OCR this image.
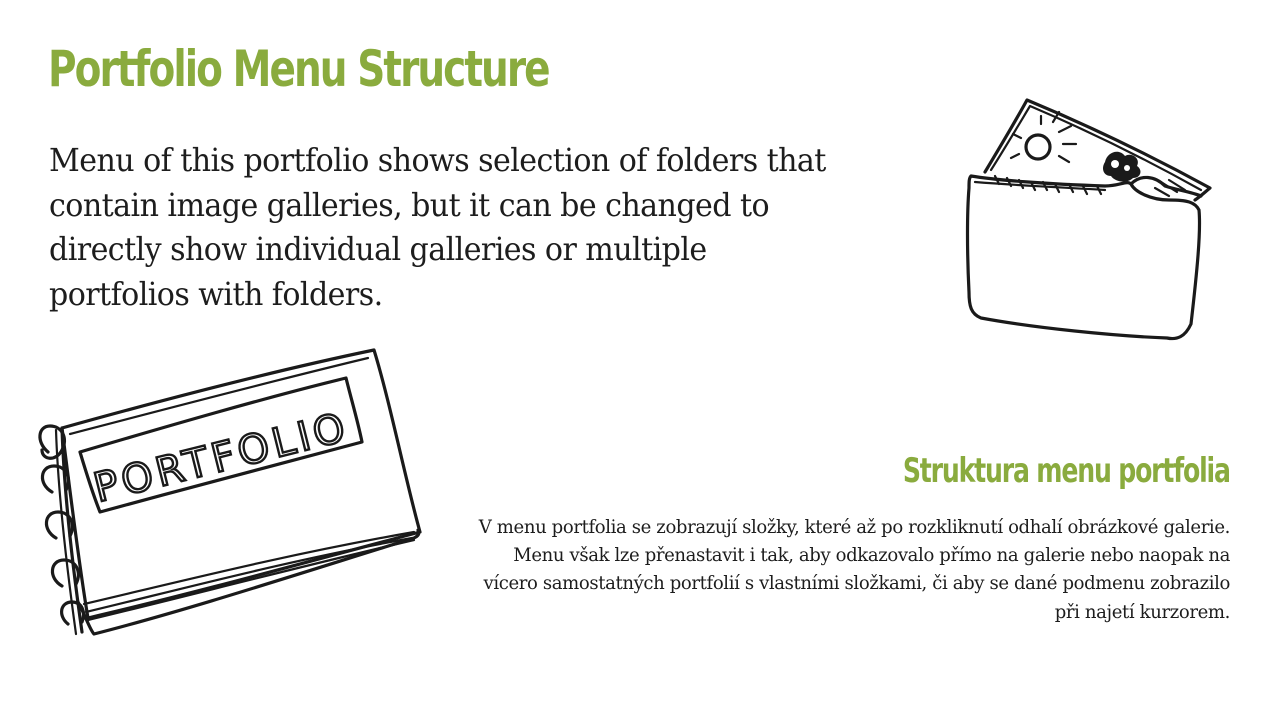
Portfolio Menu Structure

Menu of this portfolio shows selection of folders that contain image galleries, but it can be changed to directly show individual galleries or multiple portfolios with folders.

PORTFOLIO	Struktura menu portfolia

V menu portfolia se zobrazují složky, které až po rozkliknutí odhalí obrázkové galerie. Menu však lze přenastavit i tak, aby odkazovalo přímo na galerie nebo naopak na vícero samostatných portfolií s vlastními složkami, či aby se dané podmenu zobrazilo při najetí kurzorem.
